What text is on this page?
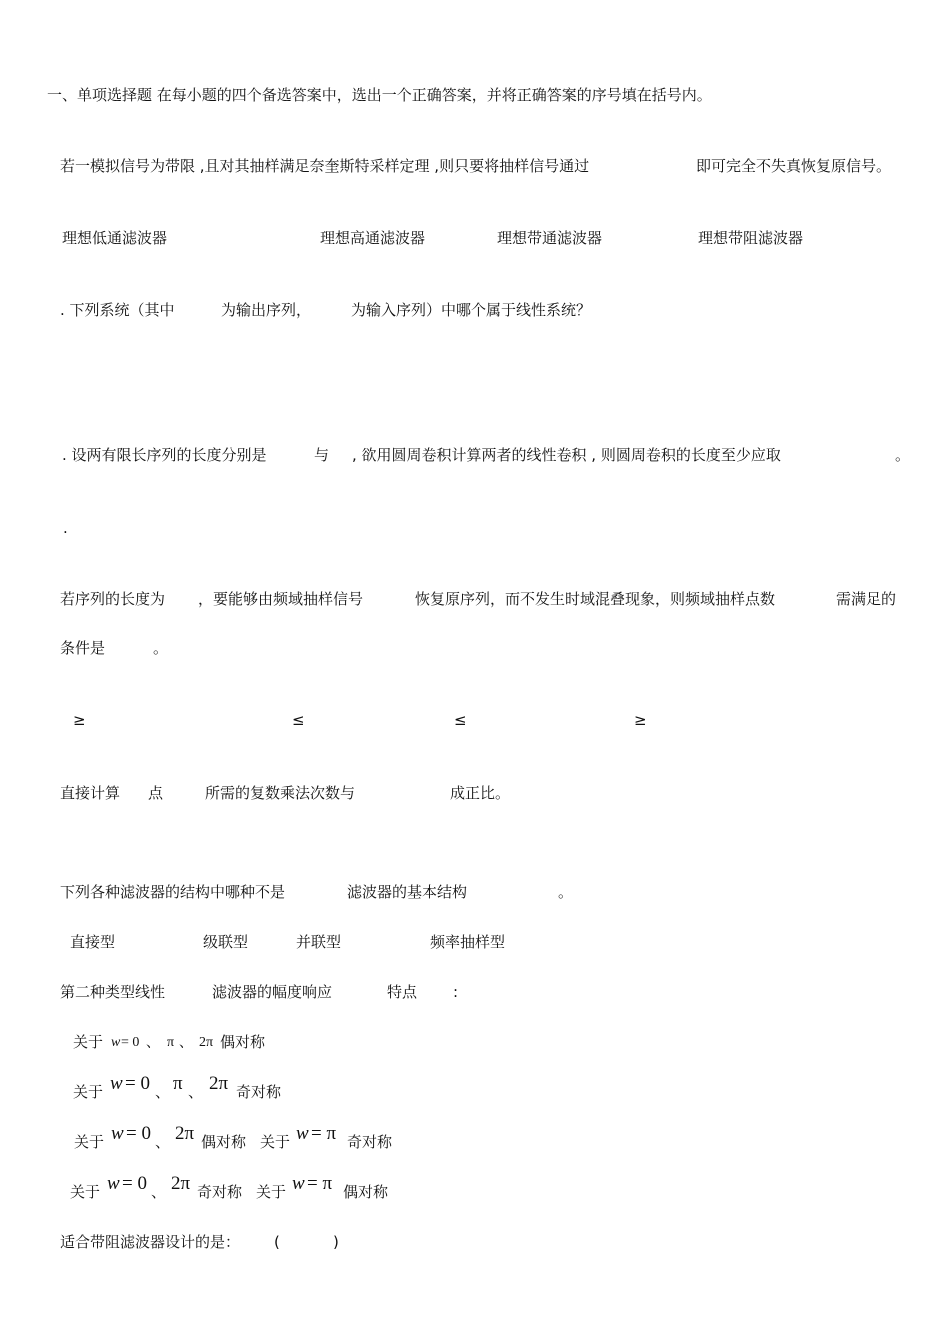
一、单项选择题 在每小题的四个备选答案中，选出一个正确答案，并将正确答案的序号填在括号内。
若一模拟信号为带限 ,且对其抽样满足奈奎斯特采样定理 ,则只要将抽样信号通过	即可完全不失真恢复原信号。
理想低通滤波器	理想高通滤波器	理想带通滤波器	理想带阻滤波器
. 下列系统（其中	为输出序列，	为输入序列）中哪个属于线性系统？
. 设两有限长序列的长度分别是	与 , 欲用圆周卷积计算两者的线性卷积 , 则圆周卷积的长度至少应取	。
.
若序列的长度为 ，要能够由频域抽样信号	恢复原序列，而不发生时域混叠现象，则频域抽样点数	需满足的
条件是	。
≥	≤	≤	≥
直接计算 点	所需的复数乘法次数与	成正比。
下列各种滤波器的结构中哪种不是	滤波器的基本结构	。
直接型	级联型	并联型	频率抽样型
第二种类型线性	滤波器的幅度响应	特点 :
关于 w = 0 、 π 、 2π 偶对称
关于 w = 0 、 π 、 2π 奇对称
关于 w = 0 、 2π 偶对称 关于 w = π 奇对称
关于 w = 0 、 2π 奇对称 关于 w = π 偶对称
适合带阻滤波器设计的是： (	)
